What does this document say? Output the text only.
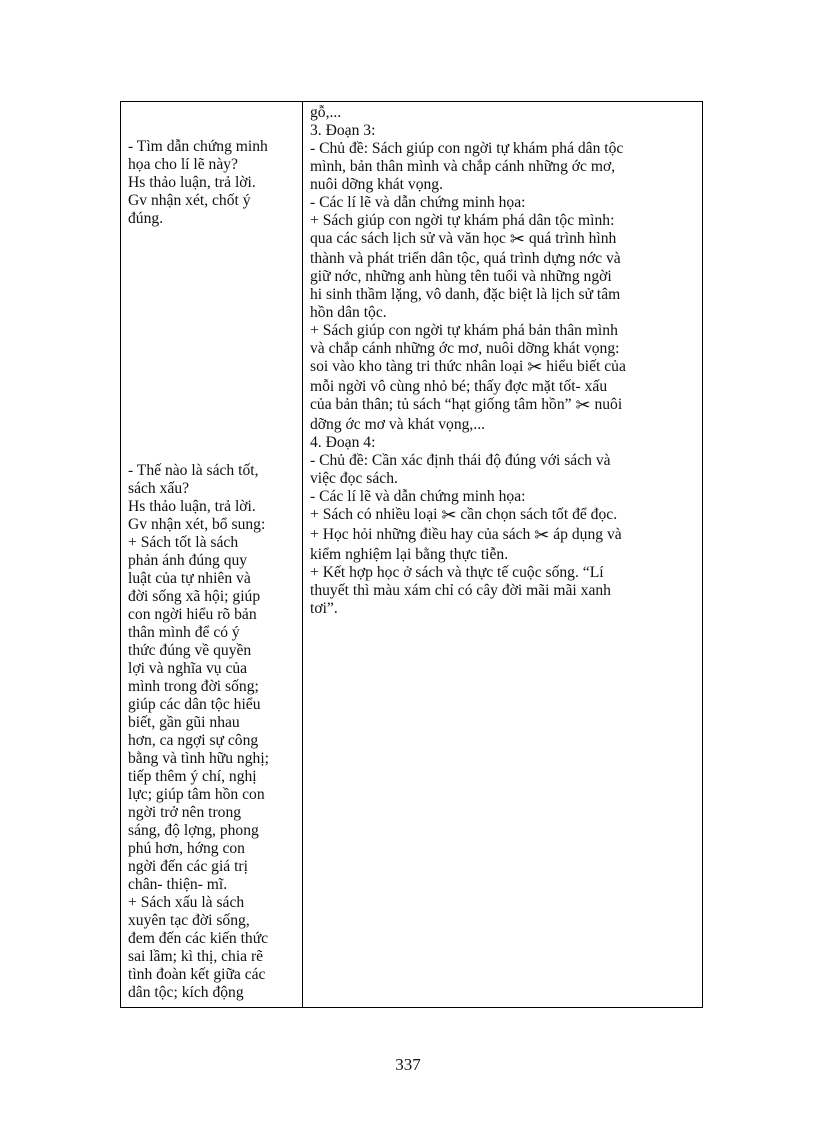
- Tìm dẫn chứng minh
họa cho lí lẽ này?
Hs thảo luận, trả lời.
Gv nhận xét, chốt ý
đúng.
- Thế nào là sách tốt,
sách xấu?
Hs thảo luận, trả lời.
Gv nhận xét, bổ sung:
+ Sách tốt là sách
phản ánh đúng quy
luật của tự nhiên và
đời sống xã hội; giúp
con ngời hiểu rõ bản
thân mình để có ý
thức đúng về quyền
lợi và nghĩa vụ của
mình trong đời sống;
giúp các dân tộc hiểu
biết, gần gũi nhau
hơn, ca ngợi sự công
bằng và tình hữu nghị;
tiếp thêm ý chí, nghị
lực; giúp tâm hồn con
ngời trở nên trong
sáng, độ lợng, phong
phú hơn, hớng con
ngời đến các giá trị
chân- thiện- mĩ.
+ Sách xấu là sách
xuyên tạc đời sống,
đem đến các kiến thức
sai lầm; kì thị, chia rẽ
tình đoàn kết giữa các
dân tộc; kích động
gỗ,...
3. Đoạn 3:
- Chủ đề: Sách giúp con ngời tự khám phá dân tộc
mình, bản thân mình và chắp cánh những ớc mơ,
nuôi dỡng khát vọng.
- Các lí lẽ và dẫn chứng minh họa:
+ Sách giúp con ngời tự khám phá dân tộc mình:
qua các sách lịch sử và văn học ✂ quá trình hình
thành và phát triển dân tộc, quá trình dựng nớc và
giữ nớc, những anh hùng tên tuổi và những ngời
hi sinh thầm lặng, vô danh, đặc biệt là lịch sử tâm
hồn dân tộc.
+ Sách giúp con ngời tự khám phá bản thân mình
và chắp cánh những ớc mơ, nuôi dỡng khát vọng:
soi vào kho tàng tri thức nhân loại ✂ hiểu biết của
mỗi ngời vô cùng nhỏ bé; thấy đợc mặt tốt- xấu
của bản thân; tủ sách “hạt giống tâm hồn” ✂ nuôi
dỡng ớc mơ và khát vọng,...
4. Đoạn 4:
- Chủ đề: Cần xác định thái độ đúng với sách và
việc đọc sách.
- Các lí lẽ và dẫn chứng minh họa:
+ Sách có nhiều loại ✂ cần chọn sách tốt để đọc.
+ Học hỏi những điều hay của sách ✂ áp dụng và
kiểm nghiệm lại bằng thực tiễn.
+ Kết hợp học ở sách và thực tế cuộc sống. “Lí
thuyết thì màu xám chỉ có cây đời mãi mãi xanh
tơi”.
337
